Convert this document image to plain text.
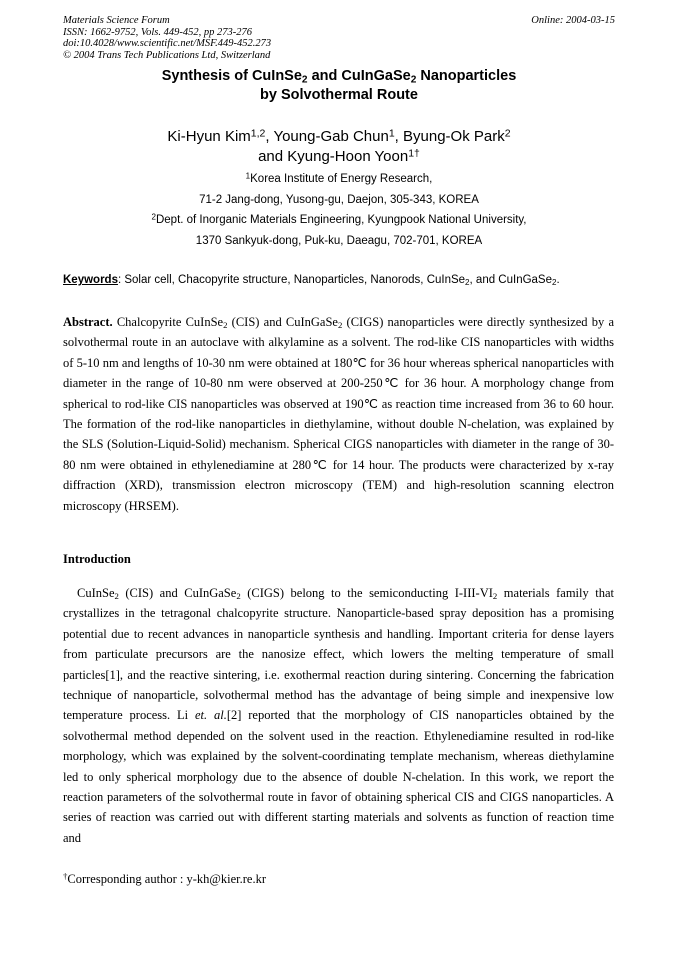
Materials Science Forum
ISSN: 1662-9752, Vols. 449-452, pp 273-276
doi:10.4028/www.scientific.net/MSF.449-452.273
© 2004 Trans Tech Publications Ltd, Switzerland
Online: 2004-03-15
Synthesis of CuInSe$_2$ and CuInGaSe$_2$ Nanoparticles
by Solvothermal Route
Ki-Hyun Kim$^{1,2}$, Young-Gab Chun$^1$, Byung-Ok Park$^2$
and Kyung-Hoon Yoon$^{1\dagger}$
$^1$Korea Institute of Energy Research,
71-2 Jang-dong, Yusong-gu, Daejon, 305-343, KOREA
$^2$Dept. of Inorganic Materials Engineering, Kyungpook National University,
1370 Sankyuk-dong, Puk-ku, Daeagu, 702-701, KOREA
Keywords: Solar cell, Chacopyrite structure, Nanoparticles, Nanorods, CuInSe$_2$, and CuInGaSe$_2$.
Abstract. Chalcopyrite CuInSe$_2$ (CIS) and CuInGaSe$_2$ (CIGS) nanoparticles were directly synthesized by a solvothermal route in an autoclave with alkylamine as a solvent. The rod-like CIS nanoparticles with widths of 5-10 nm and lengths of 10-30 nm were obtained at 180℃ for 36 hour whereas spherical nanoparticles with diameter in the range of 10-80 nm were observed at 200-250℃ for 36 hour. A morphology change from spherical to rod-like CIS nanoparticles was observed at 190℃ as reaction time increased from 36 to 60 hour. The formation of the rod-like nanoparticles in diethylamine, without double N-chelation, was explained by the SLS (Solution-Liquid-Solid) mechanism. Spherical CIGS nanoparticles with diameter in the range of 30-80 nm were obtained in ethylenediamine at 280℃ for 14 hour. The products were characterized by x-ray diffraction (XRD), transmission electron microscopy (TEM) and high-resolution scanning electron microscopy (HRSEM).
Introduction
CuInSe$_2$ (CIS) and CuInGaSe$_2$ (CIGS) belong to the semiconducting $I-III-VI_2$ materials family that crystallizes in the tetragonal chalcopyrite structure. Nanoparticle-based spray deposition has a promising potential due to recent advances in nanoparticle synthesis and handling. Important criteria for dense layers from particulate precursors are the nanosize effect, which lowers the melting temperature of small particles[1], and the reactive sintering, i.e. exothermal reaction during sintering. Concerning the fabrication technique of nanoparticle, solvothermal method has the advantage of being simple and inexpensive low temperature process. Li et. al.[2] reported that the morphology of CIS nanoparticles obtained by the solvothermal method depended on the solvent used in the reaction. Ethylenediamine resulted in rod-like morphology, which was explained by the solvent-coordinating template mechanism, whereas diethylamine led to only spherical morphology due to the absence of double N-chelation. In this work, we report the reaction parameters of the solvothermal route in favor of obtaining spherical CIS and CIGS nanoparticles. A series of reaction was carried out with different starting materials and solvents as function of reaction time and
†Corresponding author : y-kh@kier.re.kr
